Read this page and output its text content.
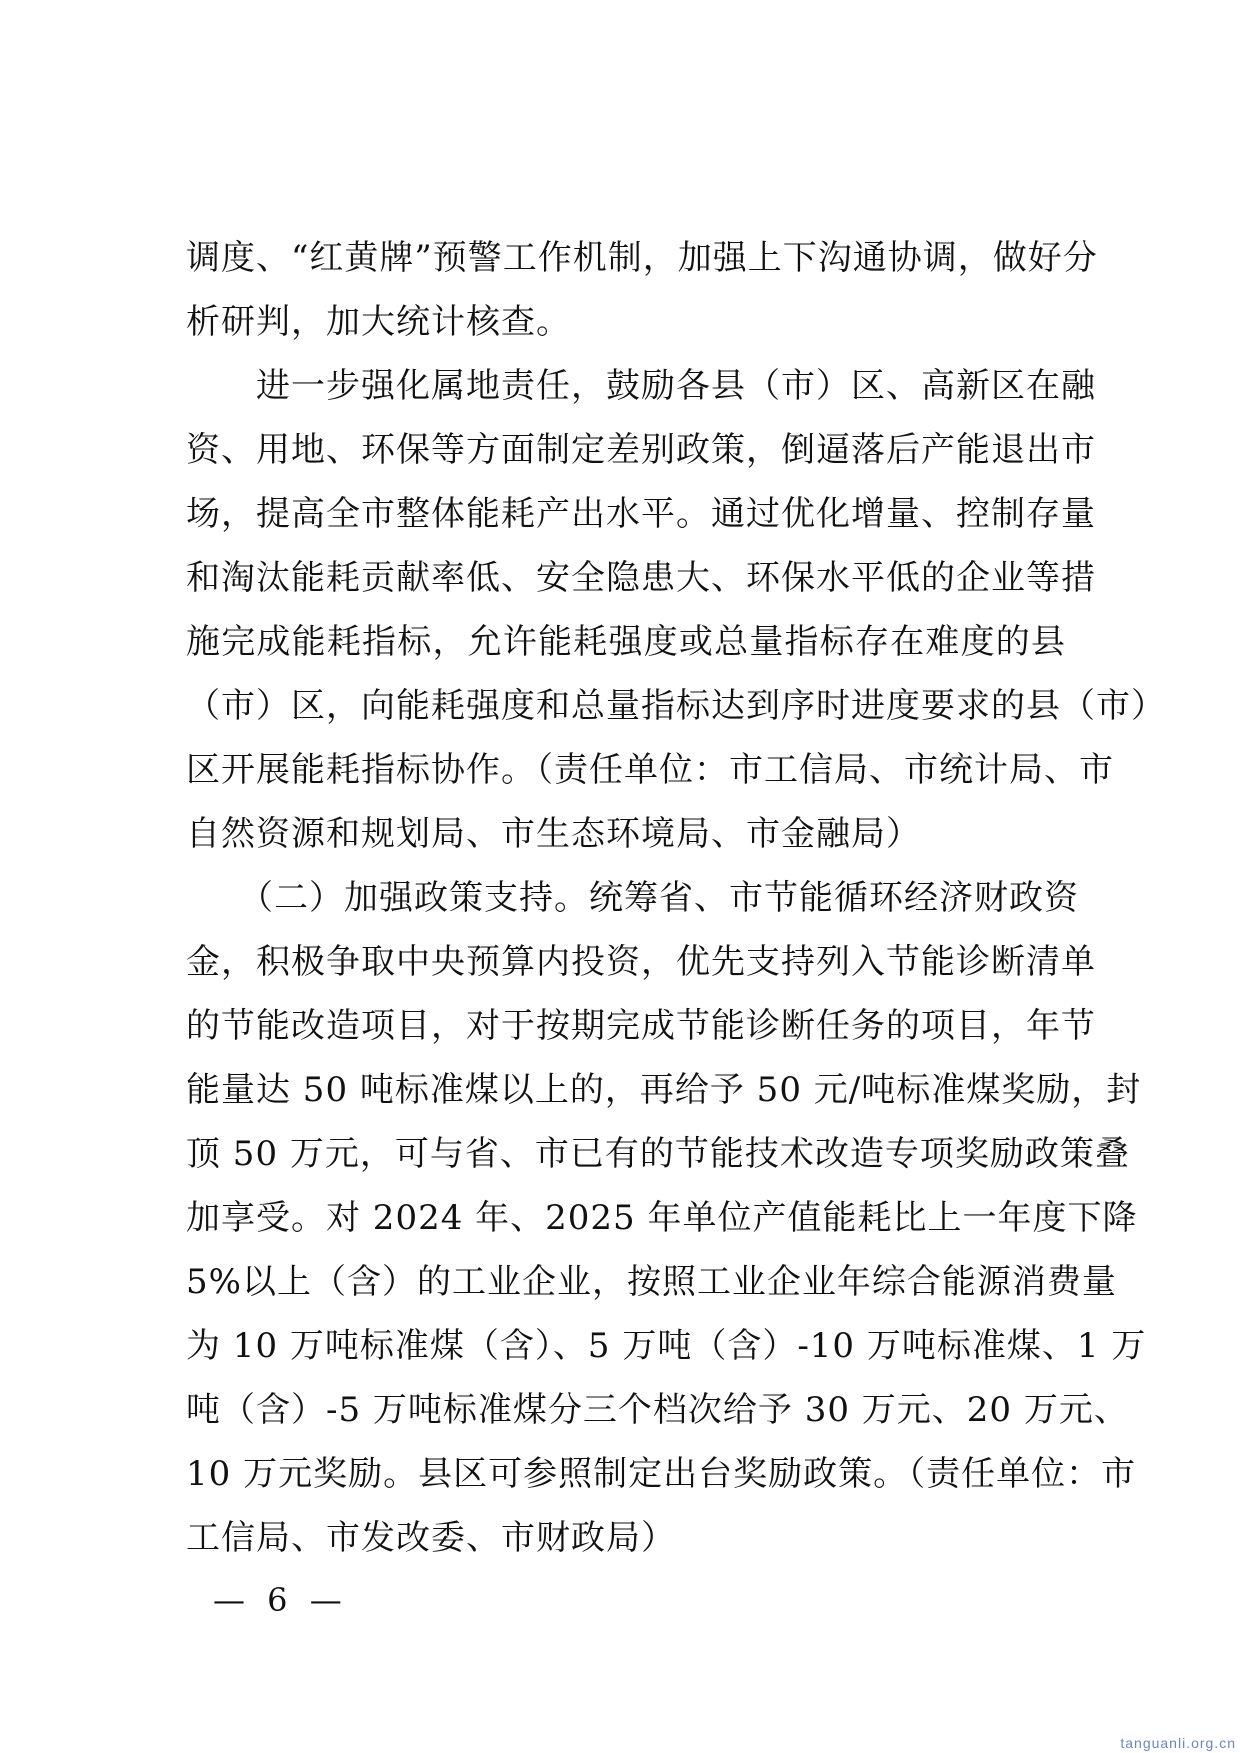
调度、“红黄牌”预警工作机制，加强上下沟通协调，做好分
析研判，加大统计核查。
　　进一步强化属地责任，鼓励各县（市）区、高新区在融
资、用地、环保等方面制定差别政策，倒逼落后产能退出市
场，提高全市整体能耗产出水平。通过优化增量、控制存量
和淘汰能耗贡献率低、安全隐患大、环保水平低的企业等措
施完成能耗指标，允许能耗强度或总量指标存在难度的县
（市）区，向能耗强度和总量指标达到序时进度要求的县（市）
区开展能耗指标协作。（责任单位：市工信局、市统计局、市
自然资源和规划局、市生态环境局、市金融局）
　　（二）加强政策支持。统筹省、市节能循环经济财政资
金，积极争取中央预算内投资，优先支持列入节能诊断清单
的节能改造项目，对于按期完成节能诊断任务的项目，年节
能量达 50 吨标准煤以上的，再给予 50 元/吨标准煤奖励，封
顶 50 万元，可与省、市已有的节能技术改造专项奖励政策叠
加享受。对 2024 年、2025 年单位产值能耗比上一年度下降
5%以上（含）的工业企业，按照工业企业年综合能源消费量
为 10 万吨标准煤（含）、5 万吨（含）-10 万吨标准煤、1 万
吨（含）-5 万吨标准煤分三个档次给予 30 万元、20 万元、
10 万元奖励。县区可参照制定出台奖励政策。（责任单位：市
工信局、市发改委、市财政局）
— 6 —
tanguanli.org.cn
